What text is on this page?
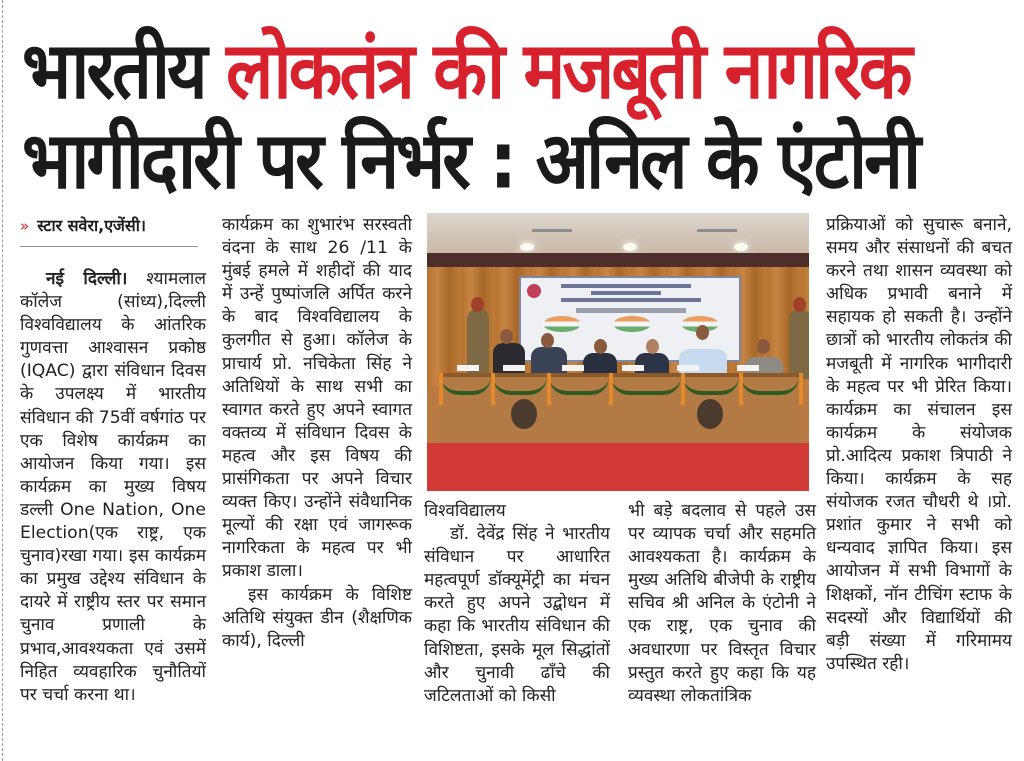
भारतीय लोकतंत्र की मजबूती नागरिक
भागीदारी पर निर्भर : अनिल के एंटोनी
» स्टार सवेरा,एजेंसी।

नई दिल्ली। श्यामलाल कॉलेज (सांध्य),दिल्ली विश्वविद्यालय के आंतरिक गुणवत्ता आश्वासन प्रकोष्ठ (IQAC) द्वारा संविधान दिवस के उपलक्ष्य में भारतीय संविधान की 75वीं वर्षगांठ पर एक विशेष कार्यक्रम का आयोजन किया गया। इस कार्यक्रम का मुख्य विषय डल्ली One Nation, One Election(एक राष्ट्र, एक चुनाव)रखा गया। इस कार्यक्रम का प्रमुख उद्देश्य संविधान के दायरे में राष्ट्रीय स्तर पर समान चुनाव प्रणाली के प्रभाव,आवश्यकता एवं उसमें निहित व्यवहारिक चुनौतियों पर चर्चा करना था।

कार्यक्रम का शुभारंभ सरस्वती वंदना के साथ 26 /11 के मुंबई हमले में शहीदों की याद में उन्हें पुष्पांजलि अर्पित करने के बाद विश्वविद्यालय के कुलगीत से हुआ। कॉलेज के प्राचार्य प्रो. नचिकेता सिंह ने अतिथियों के साथ सभी का स्वागत करते हुए अपने स्वागत वक्तव्य में संविधान दिवस के महत्व और इस विषय की प्रासंगिकता पर अपने विचार व्यक्त किए। उन्होंने संवैधानिक मूल्यों की रक्षा एवं जागरूक नागरिकता के महत्व पर भी प्रकाश डाला।

इस कार्यक्रम के विशिष्ट अतिथि संयुक्त डीन (शैक्षणिक कार्य), दिल्ली

विश्वविद्यालय

डॉ. देवेंद्र सिंह ने भारतीय संविधान पर आधारित महत्वपूर्ण डॉक्यूमेंट्री का मंचन करते हुए अपने उद्बोधन में कहा कि भारतीय संविधान की विशिष्टता, इसके मूल सिद्धांतों और चुनावी ढाँचे की जटिलताओं को किसी

भी बड़े बदलाव से पहले उस पर व्यापक चर्चा और सहमति आवश्यकता है। कार्यक्रम के मुख्य अतिथि बीजेपी के राष्ट्रीय सचिव श्री अनिल के एंटोनी ने एक राष्ट्र, एक चुनाव की अवधारणा पर विस्तृत विचार प्रस्तुत करते हुए कहा कि यह व्यवस्था लोकतांत्रिक

प्रक्रियाओं को सुचारू बनाने, समय और संसाधनों की बचत करने तथा शासन व्यवस्था को अधिक प्रभावी बनाने में सहायक हो सकती है। उन्होंने छात्रों को भारतीय लोकतंत्र की मजबूती में नागरिक भागीदारी के महत्व पर भी प्रेरित किया। कार्यक्रम का संचालन इस कार्यक्रम के संयोजक प्रो.आदित्य प्रकाश त्रिपाठी ने किया। कार्यक्रम के सह संयोजक रजत चौधरी थे ।प्रो. प्रशांत कुमार ने सभी को धन्यवाद ज्ञापित किया। इस आयोजन में सभी विभागों के शिक्षकों, नॉन टीचिंग स्टाफ के सदस्यों और विद्यार्थियों की बड़ी संख्या में गरिमामय उपस्थित रही।
